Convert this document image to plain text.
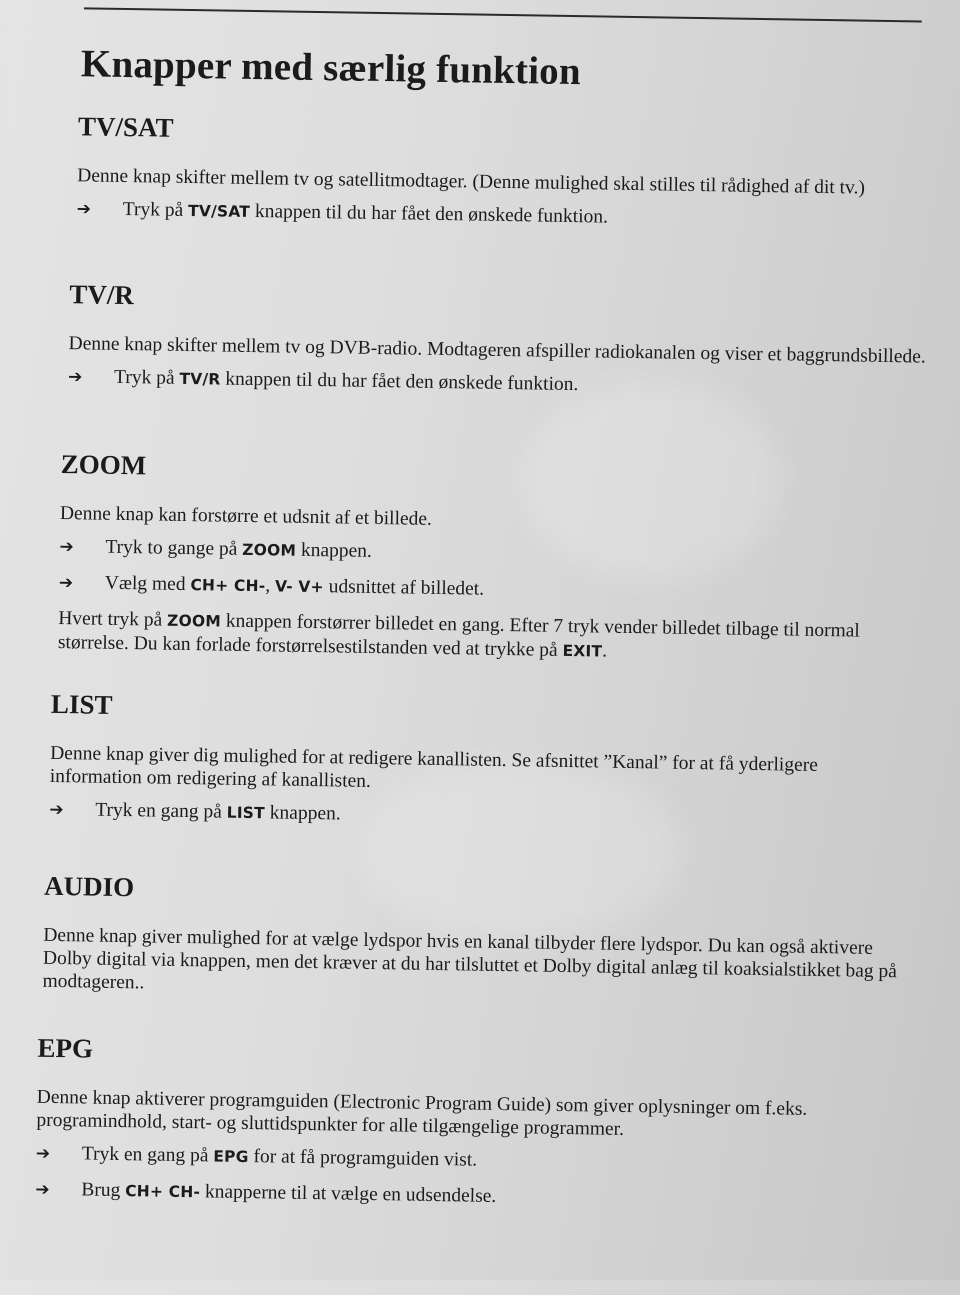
Knapper med særlig funktion
TV/SAT

Denne knap skifter mellem tv og satellitmodtager. (Denne mulighed skal stilles til rådighed af dit tv.)

➔	Tryk på TV/SAT knappen til du har fået den ønskede funktion.
TV/R

Denne knap skifter mellem tv og DVB-radio. Modtageren afspiller radiokanalen og viser et baggrundsbillede.

➔	Tryk på TV/R knappen til du har fået den ønskede funktion.
ZOOM

Denne knap kan forstørre et udsnit af et billede.

➔	Tryk to gange på ZOOM knappen.
➔	Vælg med CH+ CH-, V- V+ udsnittet af billedet.

Hvert tryk på ZOOM knappen forstørrer billedet en gang. Efter 7 tryk vender billedet tilbage til normal størrelse. Du kan forlade forstørrelsestilstanden ved at trykke på EXIT.

LIST

Denne knap giver dig mulighed for at redigere kanallisten. Se afsnittet ”Kanal” for at få yderligere information om redigering af kanallisten.

➔	Tryk en gang på LIST knappen.
AUDIO

Denne knap giver mulighed for at vælge lydspor hvis en kanal tilbyder flere lydspor. Du kan også aktivere Dolby digital via knappen, men det kræver at du har tilsluttet et Dolby digital anlæg til koaksialstikket bag på modtageren..

EPG

Denne knap aktiverer programguiden (Electronic Program Guide) som giver oplysninger om f.eks. programindhold, start- og sluttidspunkter for alle tilgængelige programmer.

➔	Tryk en gang på EPG for at få programguiden vist.
➔	Brug CH+ CH- knapperne til at vælge en udsendelse.
